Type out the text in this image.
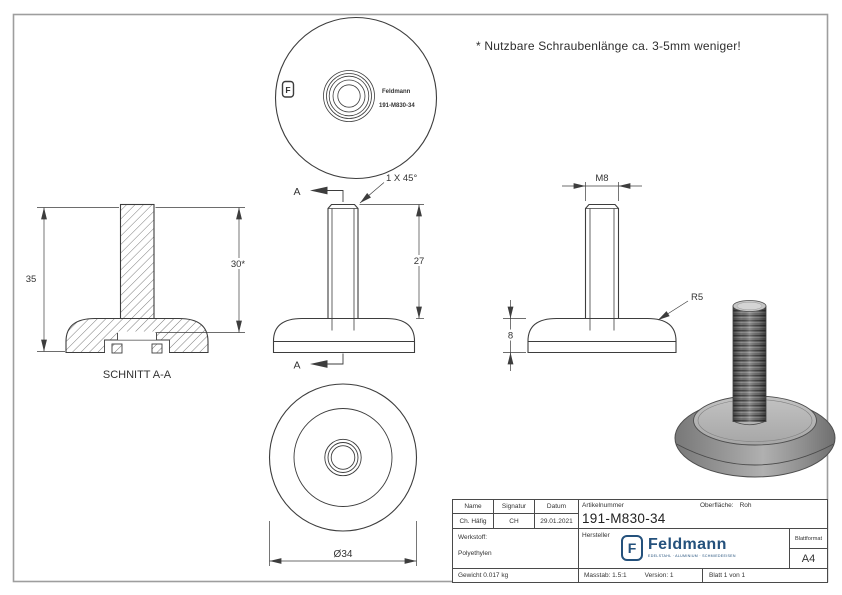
F	Feldmann
191-M830-34
35
30*
SCHNITT A-A
A
A
1 X 45°
27
M8
R5
8
Ø34
* Nutzbare Schraubenlänge ca. 3-5mm weniger!
Name	Signatur	Datum	Artikelnummer	Oberfläche: Roh
191-M830-34
Ch. Häfig	CH	29.01.2021
Werkstoff:
Polyethylen
Hersteller
F Feldmann
EDELSTAHL · ALUMINIUM · SCHMIEDEEISEN
Blattformat
A4
Gewicht 0.017 kg	Masstab: 1.5:1	Version: 1	Blatt 1 von 1
